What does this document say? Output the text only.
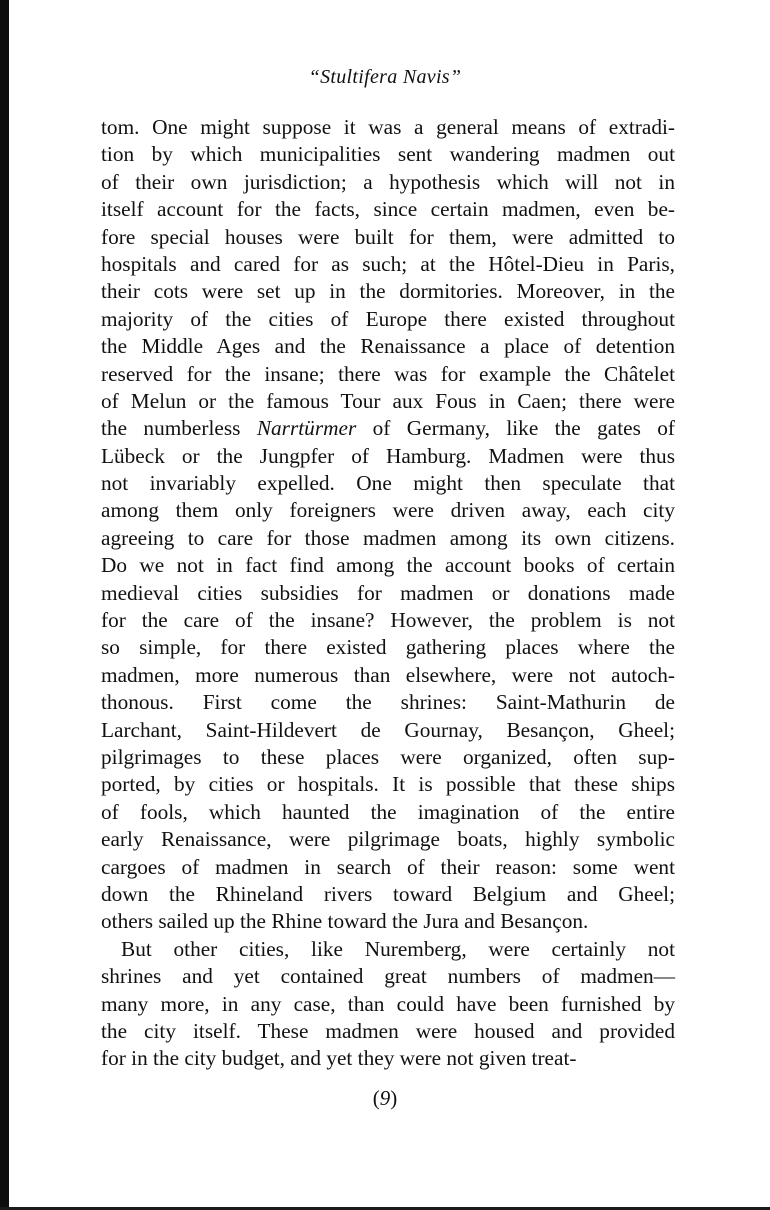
“Stultifera Navis”
tom. One might suppose it was a general means of extradi-
tion by which municipalities sent wandering madmen out
of their own jurisdiction; a hypothesis which will not in
itself account for the facts, since certain madmen, even be-
fore special houses were built for them, were admitted to
hospitals and cared for as such; at the Hôtel-Dieu in Paris,
their cots were set up in the dormitories. Moreover, in the
majority of the cities of Europe there existed throughout
the Middle Ages and the Renaissance a place of detention
reserved for the insane; there was for example the Châtelet
of Melun or the famous Tour aux Fous in Caen; there were
the numberless Narrtürmer of Germany, like the gates of
Lübeck or the Jungpfer of Hamburg. Madmen were thus
not invariably expelled. One might then speculate that
among them only foreigners were driven away, each city
agreeing to care for those madmen among its own citizens.
Do we not in fact find among the account books of certain
medieval cities subsidies for madmen or donations made
for the care of the insane? However, the problem is not
so simple, for there existed gathering places where the
madmen, more numerous than elsewhere, were not autoch-
thonous. First come the shrines: Saint-Mathurin de
Larchant, Saint-Hildevert de Gournay, Besançon, Gheel;
pilgrimages to these places were organized, often sup-
ported, by cities or hospitals. It is possible that these ships
of fools, which haunted the imagination of the entire
early Renaissance, were pilgrimage boats, highly symbolic
cargoes of madmen in search of their reason: some went
down the Rhineland rivers toward Belgium and Gheel;
others sailed up the Rhine toward the Jura and Besançon.
But other cities, like Nuremberg, were certainly not
shrines and yet contained great numbers of madmen—
many more, in any case, than could have been furnished by
the city itself. These madmen were housed and provided
for in the city budget, and yet they were not given treat-
(9)
